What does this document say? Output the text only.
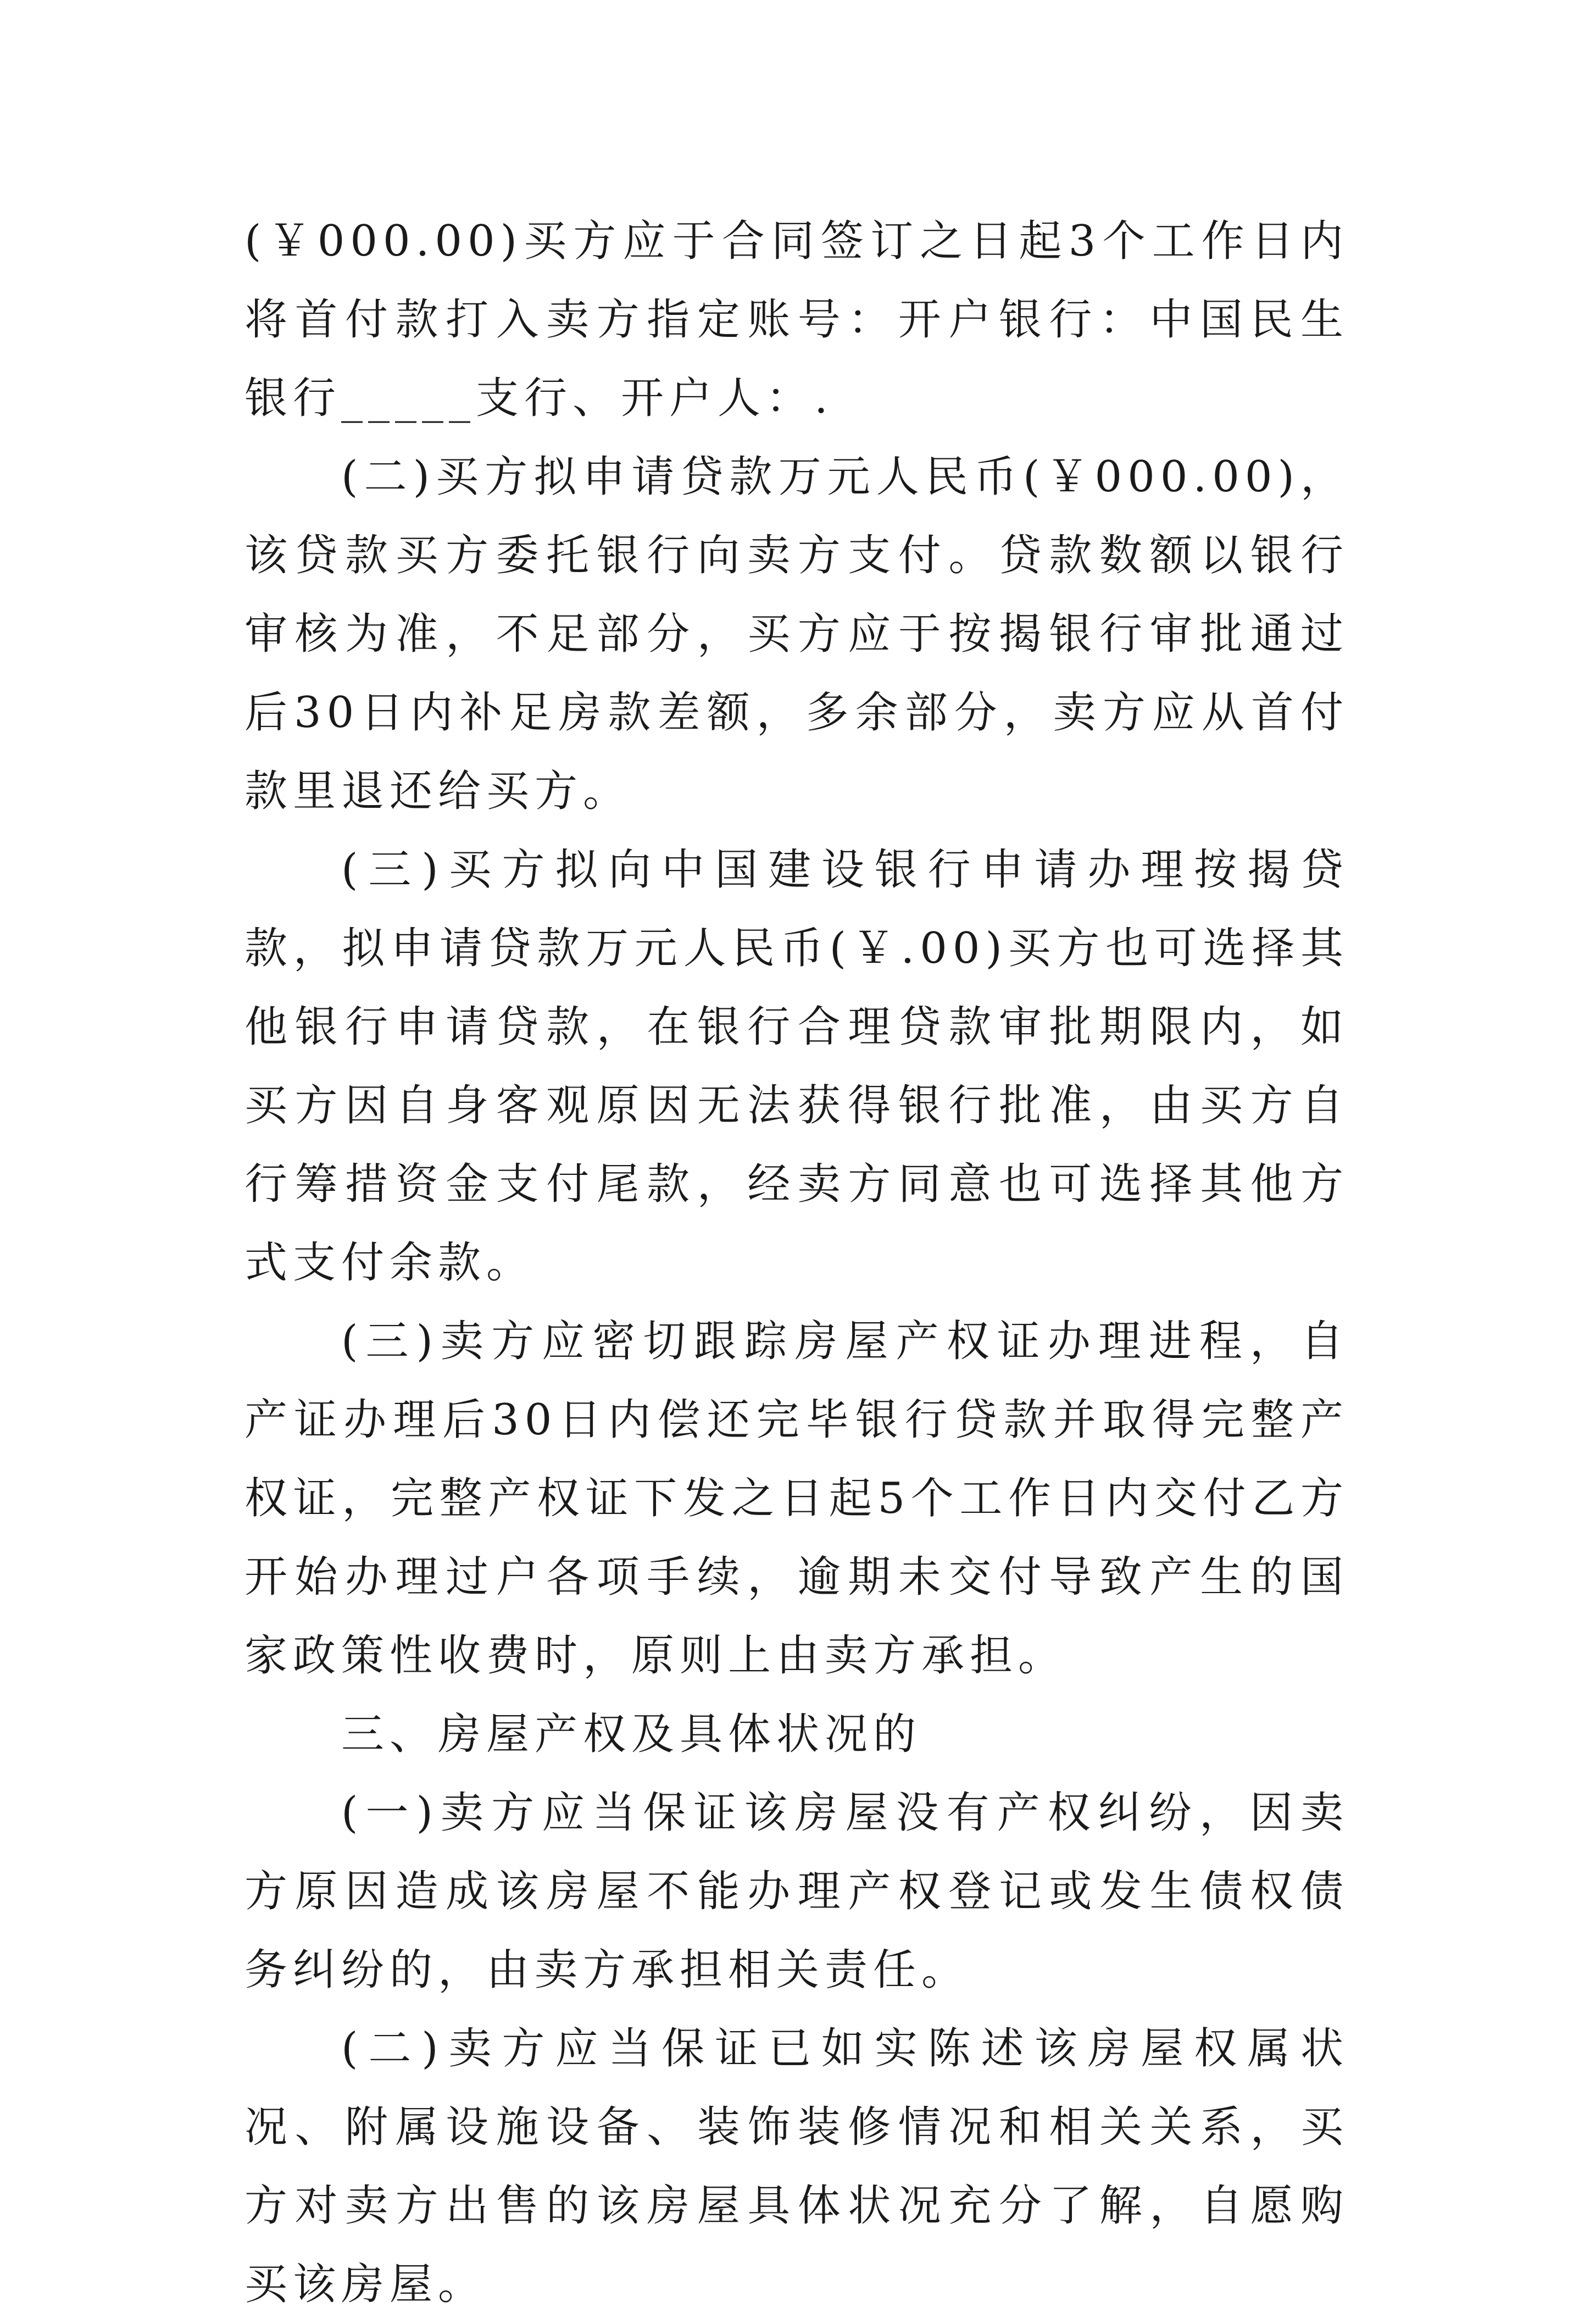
(￥000.00)买方应于合同签订之日起3个工作日内将首付款打入卖方指定账号：开户银行：中国民生银行_____支行、开户人：.

(二)买方拟申请贷款万元人民币(￥000.00)，该贷款买方委托银行向卖方支付。贷款数额以银行审核为准，不足部分，买方应于按揭银行审批通过后30日内补足房款差额，多余部分，卖方应从首付款里退还给买方。

(三)买方拟向中国建设银行申请办理按揭贷款，拟申请贷款万元人民币(￥.00)买方也可选择其他银行申请贷款，在银行合理贷款审批期限内，如买方因自身客观原因无法获得银行批准，由买方自行筹措资金支付尾款，经卖方同意也可选择其他方式支付余款。

(三)卖方应密切跟踪房屋产权证办理进程，自产证办理后30日内偿还完毕银行贷款并取得完整产权证，完整产权证下发之日起5个工作日内交付乙方开始办理过户各项手续，逾期未交付导致产生的国家政策性收费时，原则上由卖方承担。

三、房屋产权及具体状况的

(一)卖方应当保证该房屋没有产权纠纷，因卖方原因造成该房屋不能办理产权登记或发生债权债务纠纷的，由卖方承担相关责任。

(二)卖方应当保证已如实陈述该房屋权属状况、附属设施设备、装饰装修情况和相关关系，买方对卖方出售的该房屋具体状况充分了解，自愿购买该房屋。
